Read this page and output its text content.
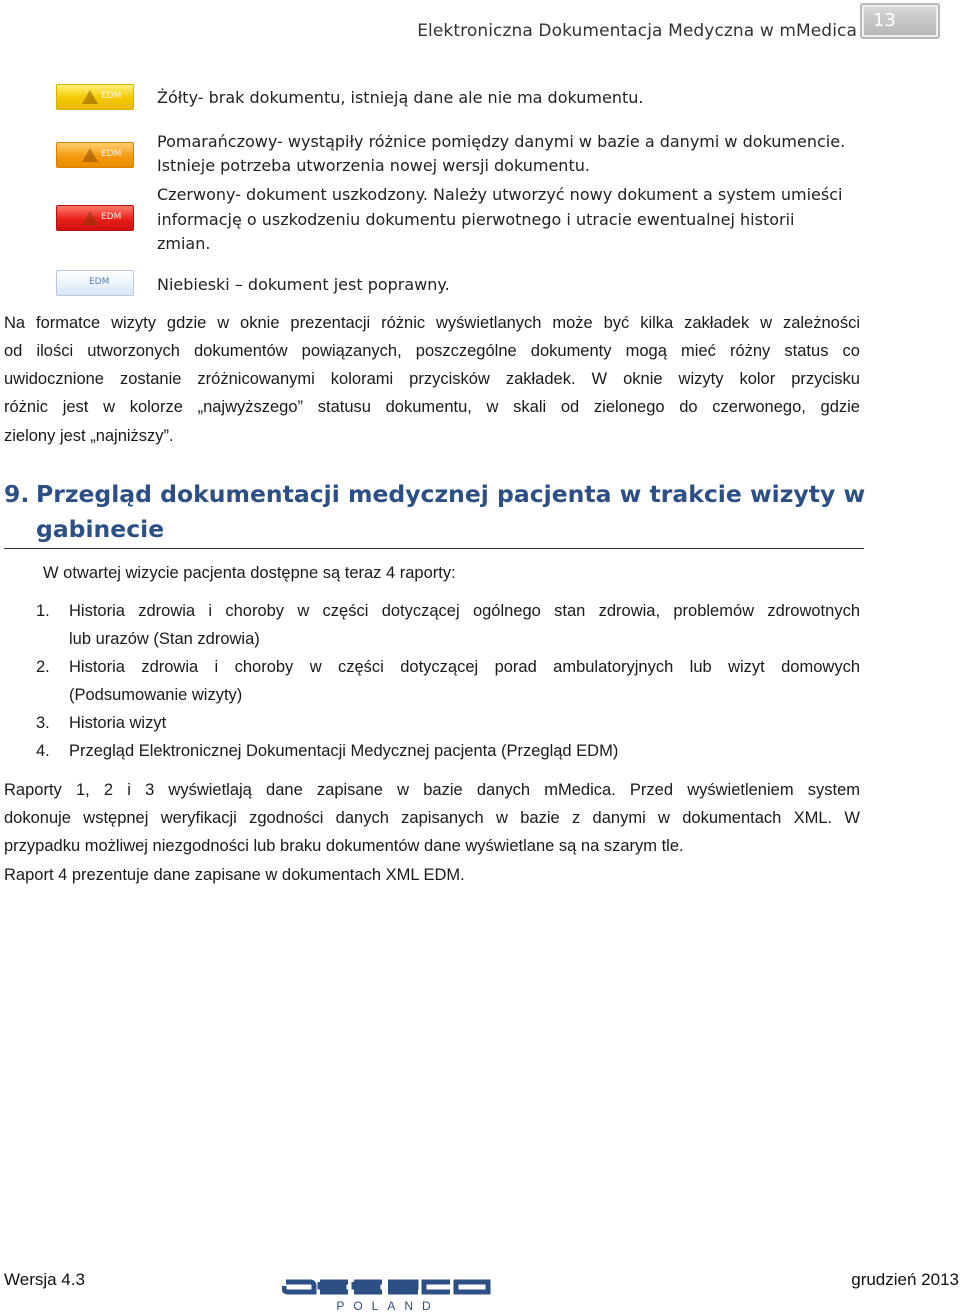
Elektroniczna Dokumentacja Medyczna w mMedica 13
EDM Żółty- brak dokumentu, istnieją dane ale nie ma dokumentu.
EDM
Pomarańczowy- wystąpiły różnice pomiędzy danymi w bazie a danymi w dokumencie.
Istnieje potrzeba utworzenia nowej wersji dokumentu.
EDM
Czerwony- dokument uszkodzony. Należy utworzyć nowy dokument a system umieści
informację o uszkodzeniu dokumentu pierwotnego i utracie ewentualnej historii
zmian.
EDM	Niebieski – dokument jest poprawny.
Na formatce wizyty gdzie w oknie prezentacji różnic wyświetlanych może być kilka zakładek w zależności
od ilości utworzonych dokumentów powiązanych, poszczególne dokumenty mogą mieć różny status co
uwidocznione zostanie zróżnicowanymi kolorami przycisków zakładek. W oknie wizyty kolor przycisku
różnic jest w kolorze „najwyższego” statusu dokumentu, w skali od zielonego do czerwonego, gdzie
zielony jest „najniższy”.
9. Przegląd dokumentacji medycznej pacjenta w trakcie wizyty w
gabinecie
W otwartej wizycie pacjenta dostępne są teraz 4 raporty:
1. Historia zdrowia i choroby w części dotyczącej ogólnego stan zdrowia, problemów zdrowotnych
lub urazów (Stan zdrowia)
2. Historia zdrowia i choroby w części dotyczącej porad ambulatoryjnych lub wizyt domowych
(Podsumowanie wizyty)
3. Historia wizyt
4. Przegląd Elektronicznej Dokumentacji Medycznej pacjenta (Przegląd EDM)
Raporty 1, 2 i 3 wyświetlają dane zapisane w bazie danych mMedica. Przed wyświetleniem system
dokonuje wstępnej weryfikacji zgodności danych zapisanych w bazie z danymi w dokumentach XML. W
przypadku możliwej niezgodności lub braku dokumentów dane wyświetlane są na szarym tle.
Raport 4 prezentuje dane zapisane w dokumentach XML EDM.
Wersja 4.3	grudzień 2013
POLAND
